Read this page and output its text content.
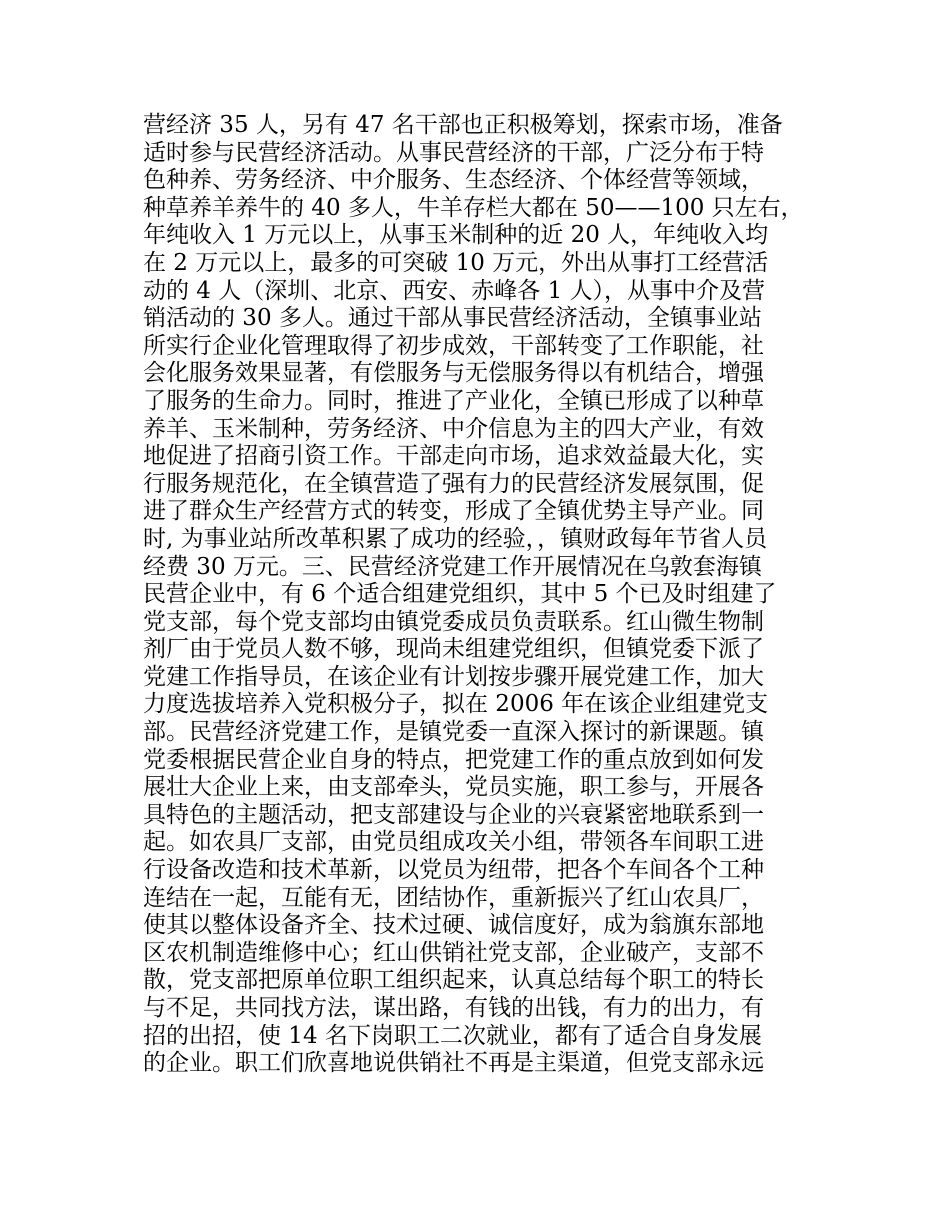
营经济 35 人，另有 47 名干部也正积极筹划，探索市场，准备
适时参与民营经济活动。从事民营经济的干部，广泛分布于特
色种养、劳务经济、中介服务、生态经济、个体经营等领域，
种草养羊养牛的 40 多人，牛羊存栏大都在 50——100 只左右，
年纯收入 1 万元以上，从事玉米制种的近 20 人，年纯收入均
在 2 万元以上，最多的可突破 10 万元，外出从事打工经营活
动的 4 人（深圳、北京、西安、赤峰各 1 人），从事中介及营
销活动的 30 多人。通过干部从事民营经济活动，全镇事业站
所实行企业化管理取得了初步成效，干部转变了工作职能，社
会化服务效果显著，有偿服务与无偿服务得以有机结合，增强
了服务的生命力。同时，推进了产业化，全镇已形成了以种草
养羊、玉米制种，劳务经济、中介信息为主的四大产业，有效
地促进了招商引资工作。干部走向市场，追求效益最大化，实
行服务规范化，在全镇营造了强有力的民营经济发展氛围，促
进了群众生产经营方式的转变，形成了全镇优势主导产业。同
时, 为事业站所改革积累了成功的经验，，镇财政每年节省人员
经费 30 万元。三、民营经济党建工作开展情况在乌敦套海镇
民营企业中，有 6 个适合组建党组织，其中 5 个已及时组建了
党支部，每个党支部均由镇党委成员负责联系。红山微生物制
剂厂由于党员人数不够，现尚未组建党组织，但镇党委下派了
党建工作指导员，在该企业有计划按步骤开展党建工作，加大
力度选拔培养入党积极分子，拟在 2006 年在该企业组建党支
部。民营经济党建工作，是镇党委一直深入探讨的新课题。镇
党委根据民营企业自身的特点，把党建工作的重点放到如何发
展壮大企业上来，由支部牵头，党员实施，职工参与，开展各
具特色的主题活动，把支部建设与企业的兴衰紧密地联系到一
起。如农具厂支部，由党员组成攻关小组，带领各车间职工进
行设备改造和技术革新，以党员为纽带，把各个车间各个工种
连结在一起，互能有无，团结协作，重新振兴了红山农具厂，
使其以整体设备齐全、技术过硬、诚信度好，成为翁旗东部地
区农机制造维修中心；红山供销社党支部，企业破产，支部不
散，党支部把原单位职工组织起来，认真总结每个职工的特长
与不足，共同找方法，谋出路，有钱的出钱，有力的出力，有
招的出招，使 14 名下岗职工二次就业，都有了适合自身发展
的企业。职工们欣喜地说供销社不再是主渠道，但党支部永远
